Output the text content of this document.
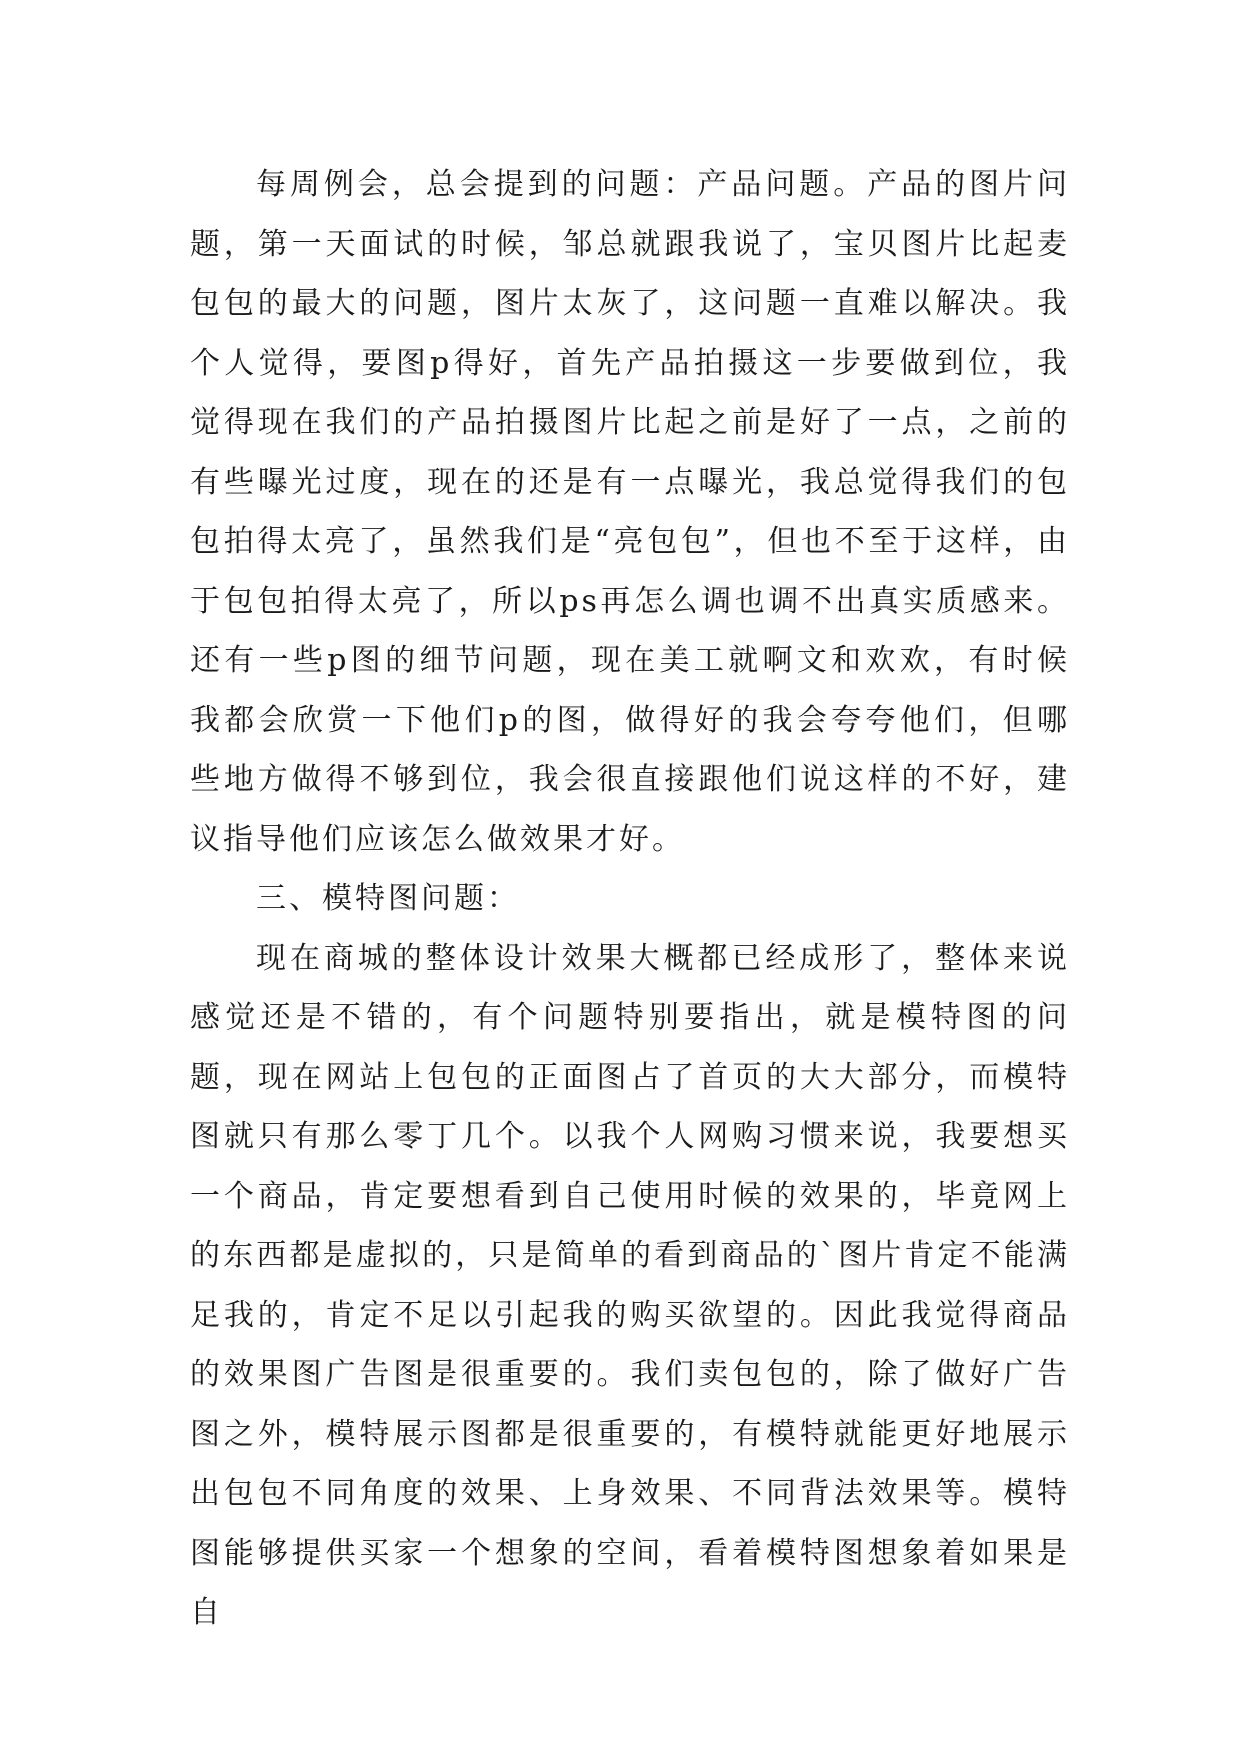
每周例会，总会提到的问题：产品问题。产品的图片问题，第一天面试的时候，邹总就跟我说了，宝贝图片比起麦包包的最大的问题，图片太灰了，这问题一直难以解决。我个人觉得，要图p得好，首先产品拍摄这一步要做到位，我觉得现在我们的产品拍摄图片比起之前是好了一点，之前的有些曝光过度，现在的还是有一点曝光，我总觉得我们的包包拍得太亮了，虽然我们是“亮包包”，但也不至于这样，由于包包拍得太亮了，所以ps再怎么调也调不出真实质感来。还有一些p图的细节问题，现在美工就啊文和欢欢，有时候我都会欣赏一下他们p的图，做得好的我会夸夸他们，但哪些地方做得不够到位，我会很直接跟他们说这样的不好，建议指导他们应该怎么做效果才好。

三、模特图问题：

现在商城的整体设计效果大概都已经成形了，整体来说感觉还是不错的，有个问题特别要指出，就是模特图的问题，现在网站上包包的正面图占了首页的大大部分，而模特图就只有那么零丁几个。以我个人网购习惯来说，我要想买一个商品，肯定要想看到自己使用时候的效果的，毕竟网上的东西都是虚拟的，只是简单的看到商品的`图片肯定不能满足我的，肯定不足以引起我的购买欲望的。因此我觉得商品的效果图广告图是很重要的。我们卖包包的，除了做好广告图之外，模特展示图都是很重要的，有模特就能更好地展示出包包不同角度的效果、上身效果、不同背法效果等。模特图能够提供买家一个想象的空间，看着模特图想象着如果是自
